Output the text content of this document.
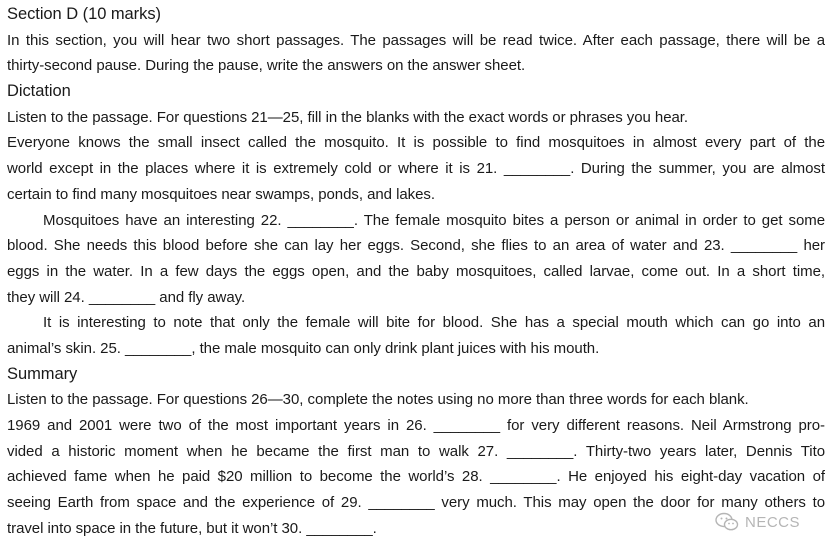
Section D (10 marks)
In this section, you will hear two short passages. The passages will be read twice. After each passage, there will be a
thirty-second pause. During the pause, write the answers on the answer sheet.
Dictation
Listen to the passage. For questions 21—25, fill in the blanks with the exact words or phrases you hear.
Everyone knows the small insect called the mosquito. It is possible to find mosquitoes in almost every part of the
world except in the places where it is extremely cold or where it is 21. ________. During the summer, you are almost
certain to find many mosquitoes near swamps, ponds, and lakes.
Mosquitoes have an interesting 22. ________. The female mosquito bites a person or animal in order to get some
blood. She needs this blood before she can lay her eggs. Second, she flies to an area of water and 23. ________ her
eggs in the water. In a few days the eggs open, and the baby mosquitoes, called larvae, come out. In a short time,
they will 24. ________ and fly away.
It is interesting to note that only the female will bite for blood. She has a special mouth which can go into an
animal’s skin. 25. ________, the male mosquito can only drink plant juices with his mouth.
Summary
Listen to the passage. For questions 26—30, complete the notes using no more than three words for each blank.
1969 and 2001 were two of the most important years in 26. ________ for very different reasons. Neil Armstrong pro-
vided a historic moment when he became the first man to walk 27. ________. Thirty-two years later, Dennis Tito
achieved fame when he paid $20 million to become the world’s 28. ________. He enjoyed his eight-day vacation of
seeing Earth from space and the experience of 29. ________ very much. This may open the door for many others to
travel into space in the future, but it won’t 30. ________.	NECCS
